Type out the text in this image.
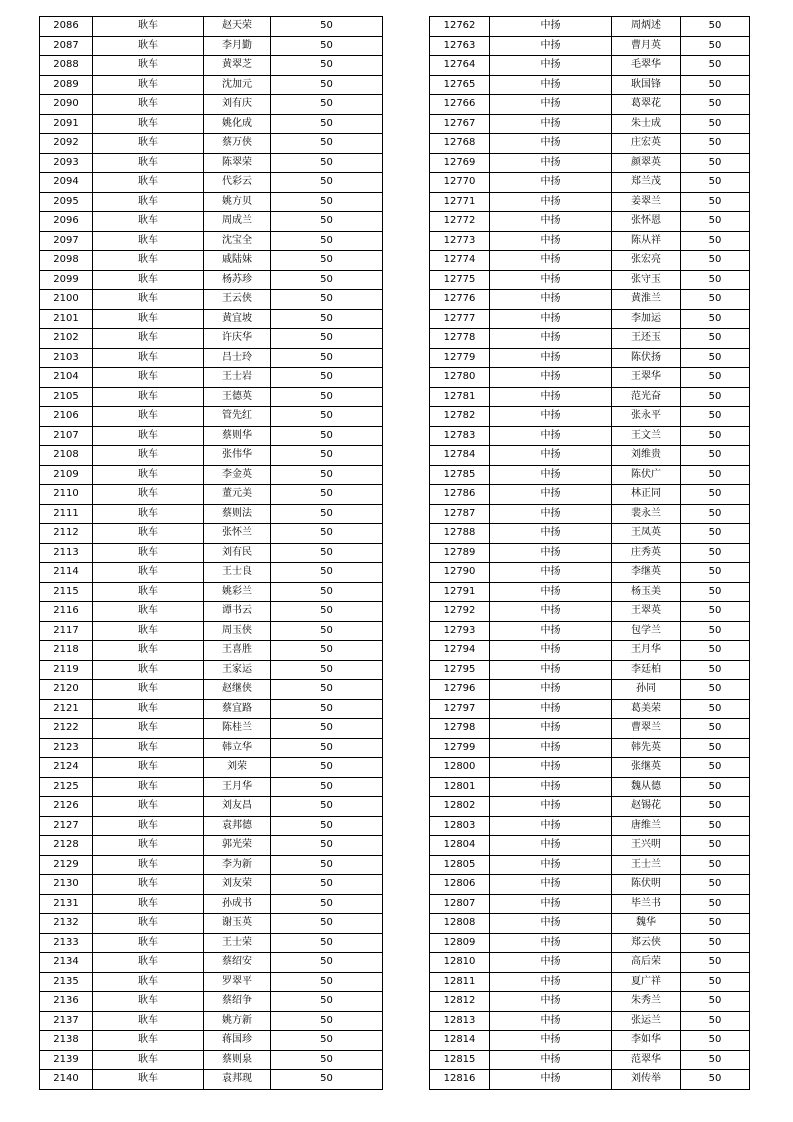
2086	耿车	赵天荣	50
2087	耿车	李月勤	50
2088	耿车	黄翠芝	50
2089	耿车	沈加元	50
2090	耿车	刘有庆	50
2091	耿车	姚化成	50
2092	耿车	蔡万侠	50
2093	耿车	陈翠荣	50
2094	耿车	代彩云	50
2095	耿车	姚方贝	50
2096	耿车	周成兰	50
2097	耿车	沈宝全	50
2098	耿车	戚陆妹	50
2099	耿车	杨苏珍	50
2100	耿车	王云侠	50
2101	耿车	黄宜坡	50
2102	耿车	许庆华	50
2103	耿车	吕士玲	50
2104	耿车	王士岩	50
2105	耿车	王德英	50
2106	耿车	管先红	50
2107	耿车	蔡则华	50
2108	耿车	张伟华	50
2109	耿车	李金英	50
2110	耿车	董元美	50
2111	耿车	蔡则法	50
2112	耿车	张怀兰	50
2113	耿车	刘有民	50
2114	耿车	王士良	50
2115	耿车	姚彩兰	50
2116	耿车	谭书云	50
2117	耿车	周玉侠	50
2118	耿车	王喜胜	50
2119	耿车	王家运	50
2120	耿车	赵继侠	50
2121	耿车	蔡宜路	50
2122	耿车	陈桂兰	50
2123	耿车	韩立华	50
2124	耿车	刘荣	50
2125	耿车	王月华	50
2126	耿车	刘友昌	50
2127	耿车	袁邦德	50
2128	耿车	郭光荣	50
2129	耿车	李为新	50
2130	耿车	刘友荣	50
2131	耿车	孙成书	50
2132	耿车	谢玉英	50
2133	耿车	王士荣	50
2134	耿车	蔡绍安	50
2135	耿车	罗翠平	50
2136	耿车	蔡绍争	50
2137	耿车	姚方新	50
2138	耿车	蒋国珍	50
2139	耿车	蔡则泉	50
2140	耿车	袁邦现	50
12762	中扬	周炳述	50
12763	中扬	曹月英	50
12764	中扬	毛翠华	50
12765	中扬	耿国锋	50
12766	中扬	葛翠花	50
12767	中扬	朱士成	50
12768	中扬	庄宏英	50
12769	中扬	颜翠英	50
12770	中扬	郑兰茂	50
12771	中扬	姜翠兰	50
12772	中扬	张怀恩	50
12773	中扬	陈从祥	50
12774	中扬	张宏亮	50
12775	中扬	张守玉	50
12776	中扬	黄淮兰	50
12777	中扬	李加运	50
12778	中扬	王还玉	50
12779	中扬	陈伏扬	50
12780	中扬	王翠华	50
12781	中扬	范光奋	50
12782	中扬	张永平	50
12783	中扬	王文兰	50
12784	中扬	刘维贵	50
12785	中扬	陈伏广	50
12786	中扬	林正同	50
12787	中扬	裴永兰	50
12788	中扬	王凤英	50
12789	中扬	庄秀英	50
12790	中扬	李继英	50
12791	中扬	杨玉美	50
12792	中扬	王翠英	50
12793	中扬	包学兰	50
12794	中扬	王月华	50
12795	中扬	李廷柏	50
12796	中扬	孙同	50
12797	中扬	葛美荣	50
12798	中扬	曹翠兰	50
12799	中扬	韩先英	50
12800	中扬	张继英	50
12801	中扬	魏从德	50
12802	中扬	赵锡花	50
12803	中扬	唐维兰	50
12804	中扬	王兴明	50
12805	中扬	王士兰	50
12806	中扬	陈伏明	50
12807	中扬	毕兰书	50
12808	中扬	魏华	50
12809	中扬	郑云侠	50
12810	中扬	高后荣	50
12811	中扬	夏广祥	50
12812	中扬	朱秀兰	50
12813	中扬	张运兰	50
12814	中扬	李如华	50
12815	中扬	范翠华	50
12816	中扬	刘传举	50
